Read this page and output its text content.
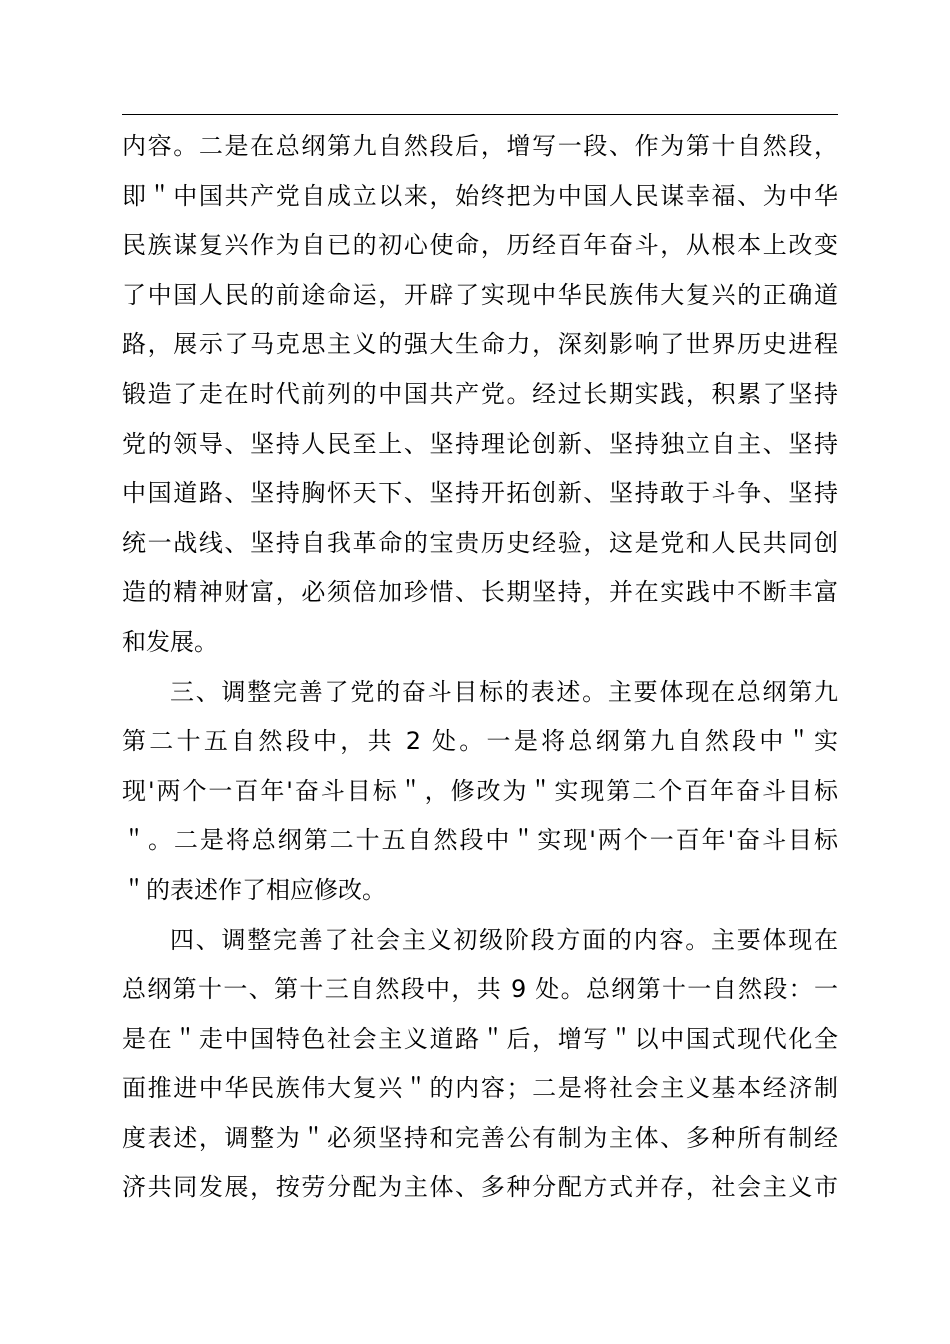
内容。二是在总纲第九自然段后，增写一段、作为第十自然段，
即＂中国共产党自成立以来，始终把为中国人民谋幸福、为中华
民族谋复兴作为自已的初心使命，历经百年奋斗，从根本上改变
了中国人民的前途命运，开辟了实现中华民族伟大复兴的正确道
路，展示了马克思主义的强大生命力，深刻影响了世界历史进程
锻造了走在时代前列的中国共产党。经过长期实践，积累了坚持
党的领导、坚持人民至上、坚持理论创新、坚持独立自主、坚持
中国道路、坚持胸怀天下、坚持开拓创新、坚持敢于斗争、坚持
统一战线、坚持自我革命的宝贵历史经验，这是党和人民共同创
造的精神财富，必须倍加珍惜、长期坚持，并在实践中不断丰富
和发展。
三、调整完善了党的奋斗目标的表述。主要体现在总纲第九
第二十五自然段中，共 2 处。一是将总纲第九自然段中＂实
现'两个一百年'奋斗目标＂，修改为＂实现第二个百年奋斗目标
＂。二是将总纲第二十五自然段中＂实现'两个一百年'奋斗目标
＂的表述作了相应修改。
四、调整完善了社会主义初级阶段方面的内容。主要体现在
总纲第十一、第十三自然段中，共 9 处。总纲第十一自然段：一
是在＂走中国特色社会主义道路＂后，增写＂以中国式现代化全
面推进中华民族伟大复兴＂的内容；二是将社会主义基本经济制
度表述，调整为＂必须坚持和完善公有制为主体、多种所有制经
济共同发展，按劳分配为主体、多种分配方式并存，社会主义市
